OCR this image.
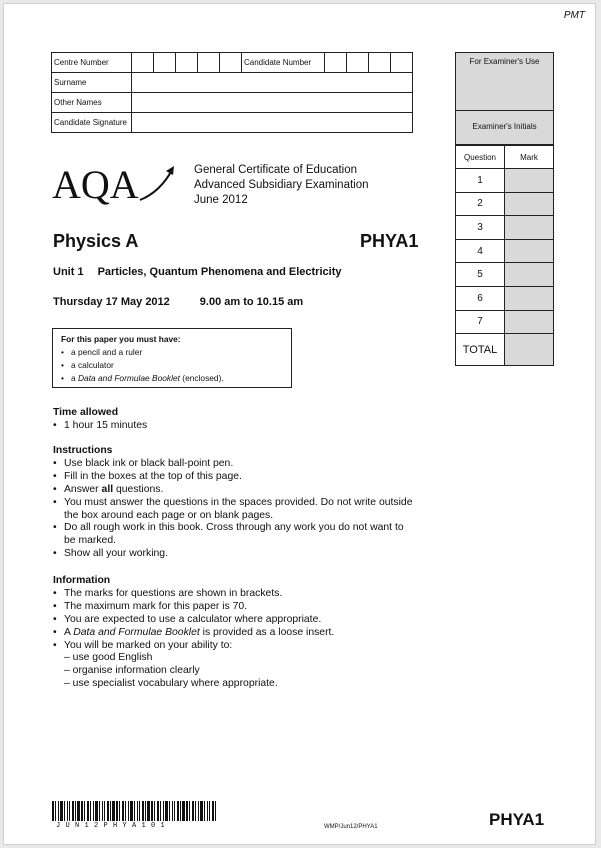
PMT
Centre Number						Candidate Number				
Surname										
Other Names										
Candidate Signature										
For Examiner's Use
Examiner's Initials
Question	Mark
1	
2	
3	
4	
5	
6	
7	
TOTAL	
AQA	General Certificate of Education
Advanced Subsidiary Examination
June 2012
Physics A	PHYA1
Unit 1 Particles, Quantum Phenomena and Electricity
Thursday 17 May 2012	9.00 am to 10.15 am
For this paper you must have:
• a pencil and a ruler
• a calculator
• a Data and Formulae Booklet (enclosed).
Time allowed
• 1 hour 15 minutes
Instructions
• Use black ink or black ball-point pen.
• Fill in the boxes at the top of this page.
• Answer all questions.
• You must answer the questions in the spaces provided. Do not write outside the box around each page or on blank pages.
• Do all rough work in this book. Cross through any work you do not want to be marked.
• Show all your working.
Information
• The marks for questions are shown in brackets.
• The maximum mark for this paper is 70.
• You are expected to use a calculator where appropriate.
• A Data and Formulae Booklet is provided as a loose insert.
• You will be marked on your ability to:
– use good English
– organise information clearly
– use specialist vocabulary where appropriate.
JUN12PHYA101	WMP/Jun12/PHYA1	PHYA1
